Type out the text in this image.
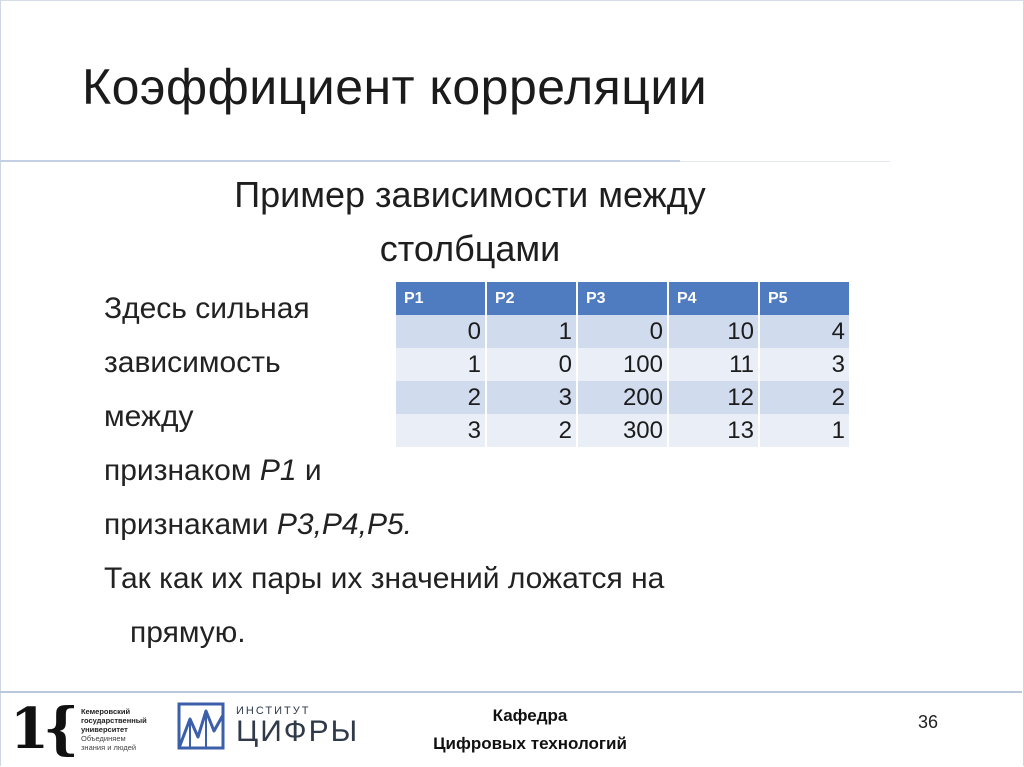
Коэффициент корреляции
Пример зависимости между
столбцами
Здесь сильная
зависимость
между
признаком P1 и
признаками P3,P4,P5.
Так как их пары их значений ложатся на
прямую.
P1	P2	P3	P4	P5
0	1	0	10	4
1	0	100	11	3
2	3	200	12	2
3	2	300	13	1
1{ Кемеровский
государственный
университет
Объединяем
знания и людей
ИНСТИТУТ
ЦИФРЫ	Кафедра
Цифровых технологий
36
